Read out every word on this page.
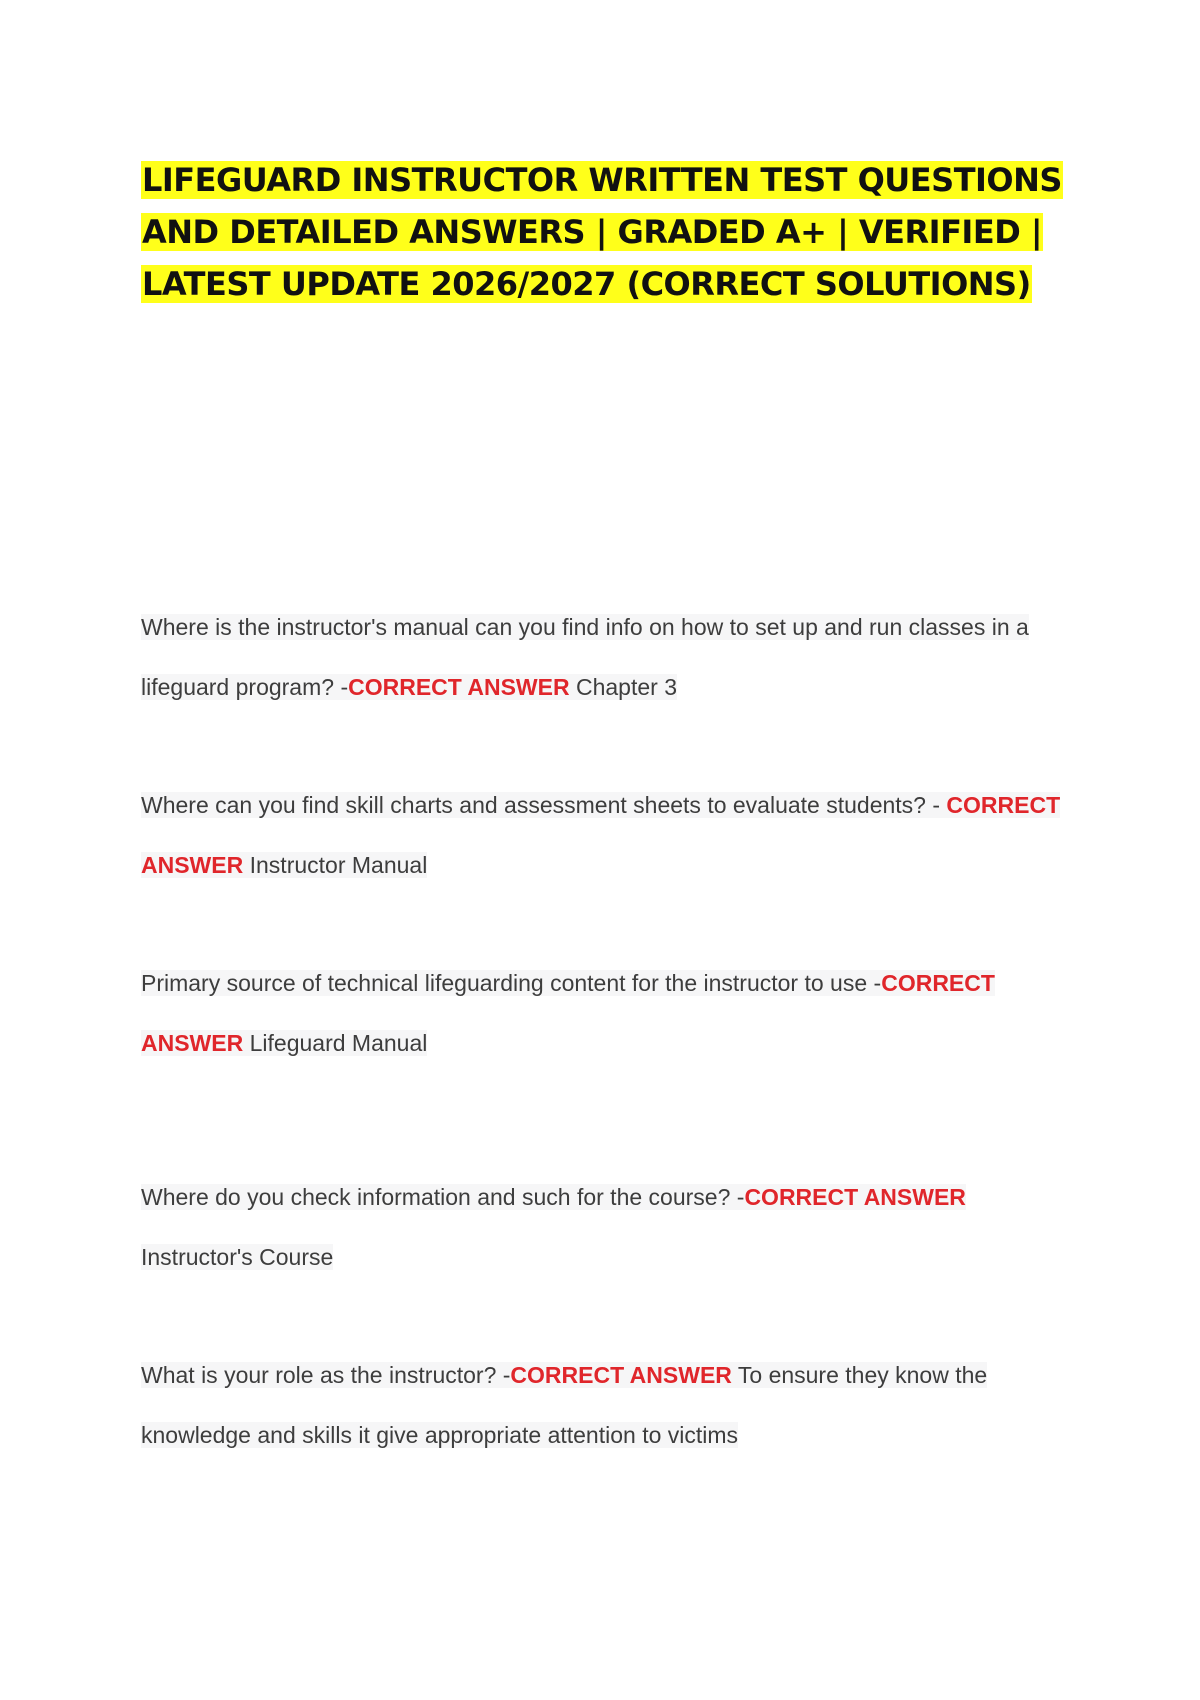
LIFEGUARD INSTRUCTOR WRITTEN TEST QUESTIONS AND DETAILED ANSWERS | GRADED A+ | VERIFIED | LATEST UPDATE 2026/2027 (CORRECT SOLUTIONS)

Where is the instructor's manual can you find info on how to set up and run classes in a lifeguard program? -CORRECT ANSWER Chapter 3

Where can you find skill charts and assessment sheets to evaluate students? - CORRECT ANSWER Instructor Manual

Primary source of technical lifeguarding content for the instructor to use -CORRECT ANSWER Lifeguard Manual

Where do you check information and such for the course? -CORRECT ANSWER Instructor's Course

What is your role as the instructor? -CORRECT ANSWER To ensure they know the knowledge and skills it give appropriate attention to victims
